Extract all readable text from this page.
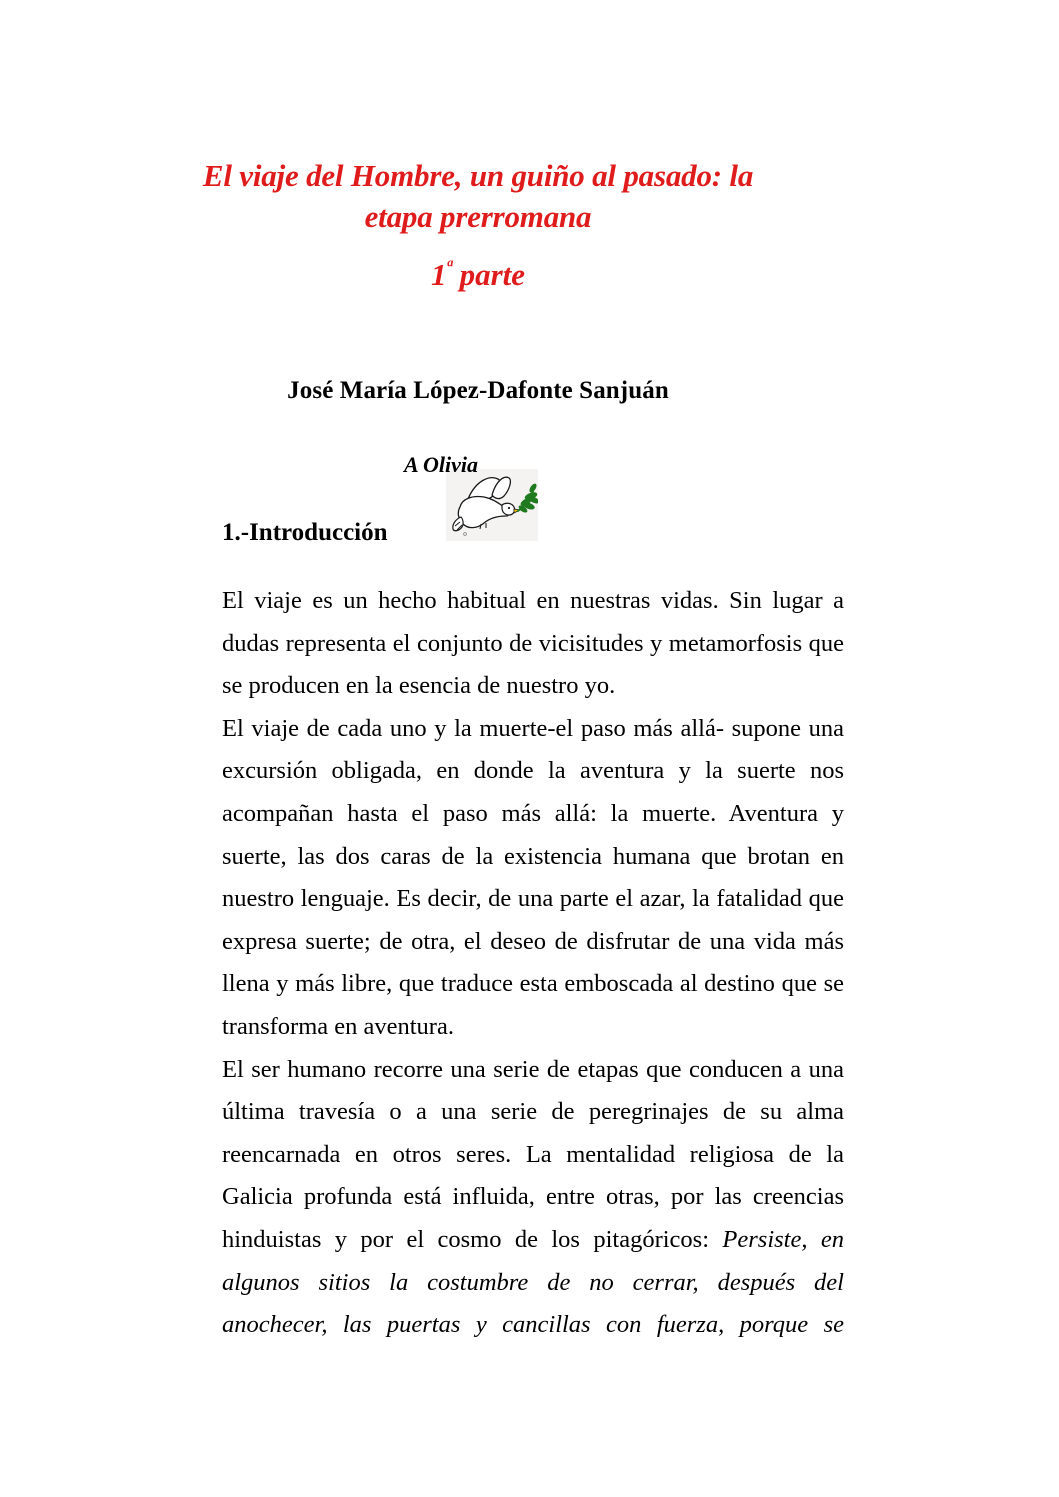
El viaje del Hombre, un guiño al pasado: la
etapa prerromana
$1^ª$ parte
José María López-Dafonte Sanjuán
A Olivia
1.-Introducción

El viaje es un hecho habitual en nuestras vidas. Sin lugar a dudas representa el conjunto de vicisitudes y metamorfosis que se producen en la esencia de nuestro yo.

El viaje de cada uno y la muerte-el paso más allá- supone una excursión obligada, en donde la aventura y la suerte nos acompañan hasta el paso más allá: la muerte. Aventura y suerte, las dos caras de la existencia humana que brotan en nuestro lenguaje. Es decir, de una parte el azar, la fatalidad que expresa suerte; de otra, el deseo de disfrutar de una vida más llena y más libre, que traduce esta emboscada al destino que se transforma en aventura.

El ser humano recorre una serie de etapas que conducen a una última travesía o a una serie de peregrinajes de su alma reencarnada en otros seres. La mentalidad religiosa de la Galicia profunda está influida, entre otras, por las creencias hinduistas y por el cosmo de los pitagóricos: Persiste, en algunos sitios la costumbre de no cerrar, después del anochecer, las puertas y cancillas con fuerza, porque se
